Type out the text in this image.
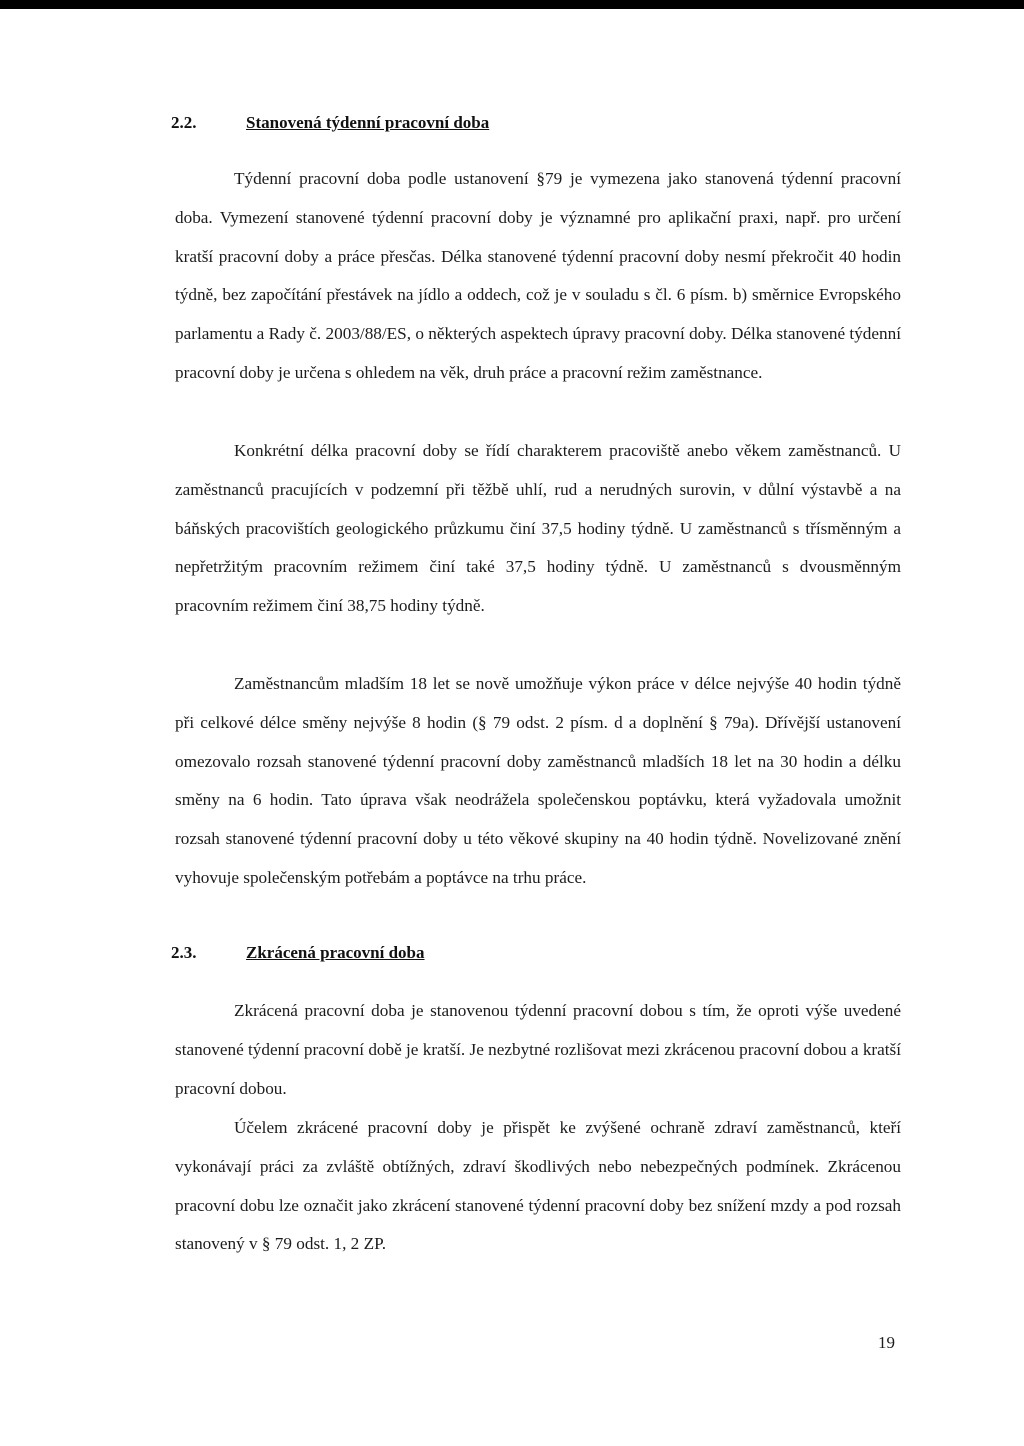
2.2.	Stanovená týdenní pracovní doba

Týdenní pracovní doba podle ustanovení §79 je vymezena jako stanovená týdenní pracovní doba. Vymezení stanovené týdenní pracovní doby je významné pro aplikační praxi, např. pro určení kratší pracovní doby a práce přesčas. Délka stanovené týdenní pracovní doby nesmí překročit 40 hodin týdně, bez započítání přestávek na jídlo a oddech, což je v souladu s čl. 6 písm. b) směrnice Evropského parlamentu a Rady č. 2003/88/ES, o některých aspektech úpravy pracovní doby. Délka stanovené týdenní pracovní doby je určena s ohledem na věk, druh práce a pracovní režim zaměstnance.

Konkrétní délka pracovní doby se řídí charakterem pracoviště anebo věkem zaměstnanců. U zaměstnanců pracujících v podzemní při těžbě uhlí, rud a nerudných surovin, v důlní výstavbě a na báňských pracovištích geologického průzkumu činí 37,5 hodiny týdně. U zaměstnanců s třísměnným a nepřetržitým pracovním režimem činí také 37,5 hodiny týdně. U zaměstnanců s dvousměnným pracovním režimem činí 38,75 hodiny týdně.

Zaměstnancům mladším 18 let se nově umožňuje výkon práce v délce nejvýše 40 hodin týdně při celkové délce směny nejvýše 8 hodin (§ 79 odst. 2 písm. d a doplnění § 79a). Dřívější ustanovení omezovalo rozsah stanovené týdenní pracovní doby zaměstnanců mladších 18 let na 30 hodin a délku směny na 6 hodin. Tato úprava však neodrážela společenskou poptávku, která vyžadovala umožnit rozsah stanovené týdenní pracovní doby u této věkové skupiny na 40 hodin týdně. Novelizované znění vyhovuje společenským potřebám a poptávce na trhu práce.

2.3.	Zkrácená pracovní doba

Zkrácená pracovní doba je stanovenou týdenní pracovní dobou s tím, že oproti výše uvedené stanovené týdenní pracovní době je kratší. Je nezbytné rozlišovat mezi zkrácenou pracovní dobou a kratší pracovní dobou.

Účelem zkrácené pracovní doby je přispět ke zvýšené ochraně zdraví zaměstnanců, kteří vykonávají práci za zvláště obtížných, zdraví škodlivých nebo nebezpečných podmínek. Zkrácenou pracovní dobu lze označit jako zkrácení stanovené týdenní pracovní doby bez snížení mzdy a pod rozsah stanovený v § 79 odst. 1, 2 ZP.

19
